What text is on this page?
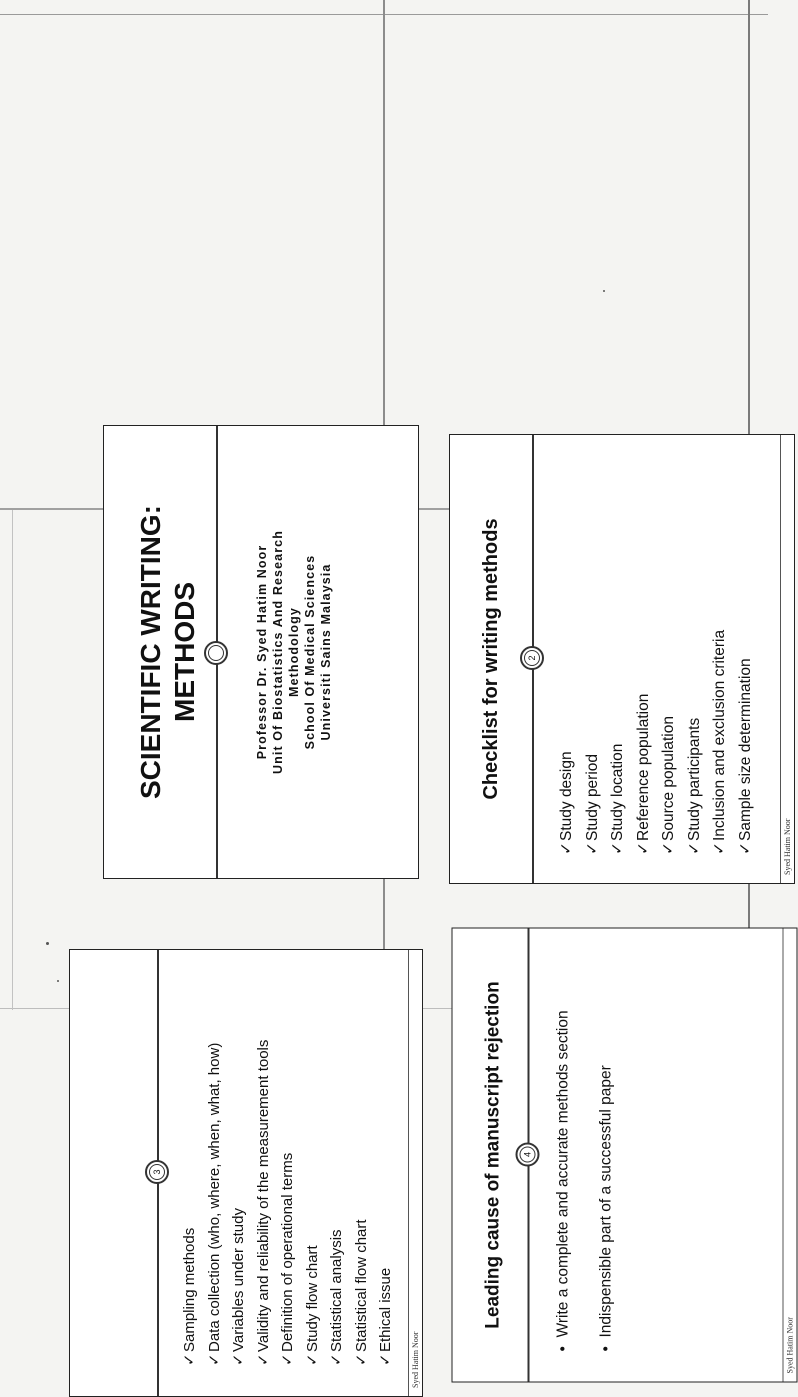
SCIENTIFIC WRITING: METHODS	Professor Dr. Syed Hatim Noor Unit Of Biostatistics And Research Methodology School Of Medical Sciences Universiti Sains Malaysia	Checklist for writing methods	2
✓Study design
✓Study period
✓Study location
✓Reference population
✓Source population
✓Study participants
✓Inclusion and exclusion criteria
✓Sample size determination
Syed Hatim Noor
3
✓Sampling methods
✓Data collection (who, where, when, what, how)
✓Variables under study
✓Validity and reliability of the measurement tools
✓Definition of operational terms
✓Study flow chart
✓Statistical analysis
✓Statistical flow chart
✓Ethical issue
Syed Hatim Noor
Leading cause of manuscript rejection	4
•Write a complete and accurate methods section
•Indispensible part of a successful paper
Syed Hatim Noor
